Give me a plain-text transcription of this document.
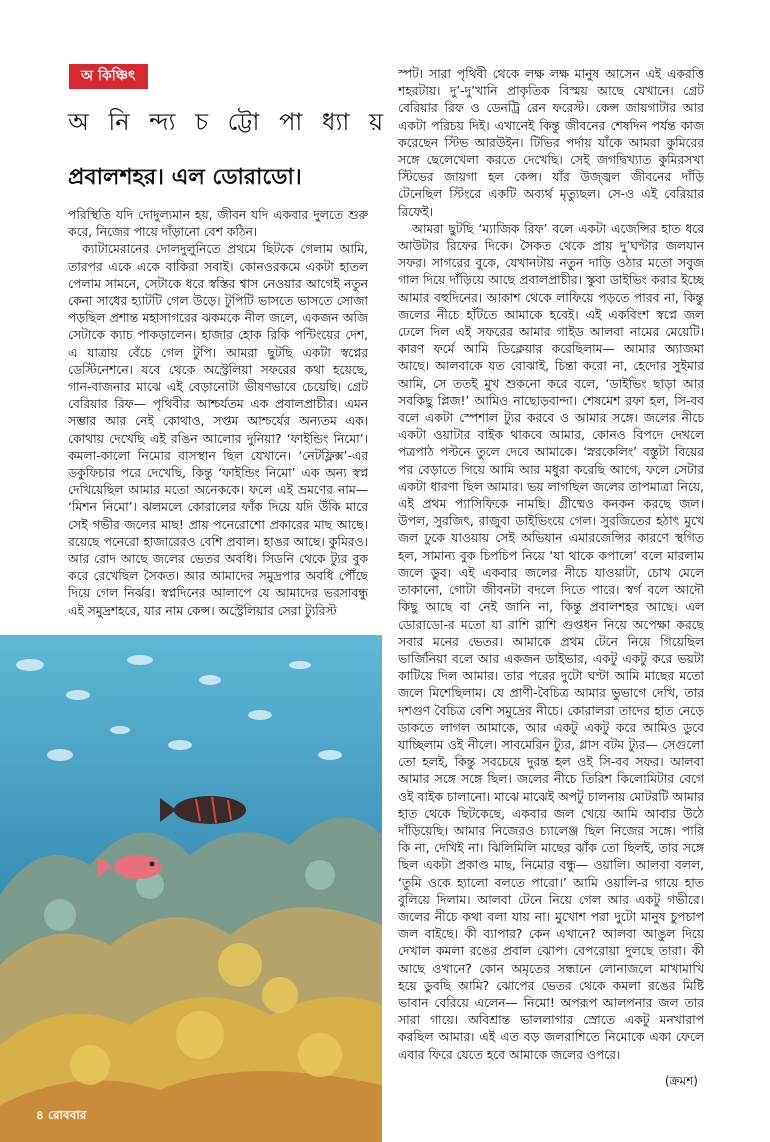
অ কিঞ্চিৎ
অ নি ন্দ্য চ ট্টো পা ধ্যা য়
প্রবালশহর। এল ডোরাডো।

পরিস্থিতি যদি দোদুল্যমান হয়, জীবন যদি একবার দুলতে শুরু করে, নিজের পায়ে দাঁড়ানো বেশ কঠিন।

ক্যাটামেরানের দোলদুলুনিতে প্রথমে ছিটকে গেলাম আমি, তারপর একে একে বাকিরা সবাই। কোনওরকমে একটা হাতল পেলাম সামনে, সেটাকে ধরে স্বস্তির শ্বাস নেওয়ার আগেই নতুন কেনা সাধের হ্যাটটি গেল উড়ে। টুপিটি ভাসতে ভাসতে সোজা পড়ছিল প্রশান্ত মহাসাগরের ঝকমকে নীল জলে, একজন অজি সেটাকে ক্যাচ পাকড়ালেন। হাজার হোক রিকি পন্টিংয়ের দেশ, এ যাত্রায় বেঁচে গেল টুপি। আমরা ছুটছি একটা স্বপ্নের ডেস্টিনেশনে। যবে থেকে অস্ট্রেলিয়া সফরের কথা হয়েছে, গান-বাজনার মাঝে এই বেড়ানোটা ভীষণভাবে চেয়েছি। গ্রেট বেরিয়ার রিফ— পৃথিবীর আশ্চর্যতম এক প্রবালপ্রাচীর। এমন সম্ভার আর নেই কোথাও, সপ্তম আশ্চর্যের অন্যতম এক। কোথায় দেখেছি এই রঙিন আলোর দুনিয়া? ‘ফাইন্ডিং নিমো’। কমলা-কালো নিমোর বাসস্থান ছিল যেখানে। ‘নেটফ্লিক্স’-এর ডকুফিচার পরে দেখেছি, কিন্তু ‘ফাইন্ডিং নিমো’ এক অন্য স্বপ্ন দেখিয়েছিল আমার মতো অনেককে। ফলে এই ভ্রমণের নাম— ‘মিশন নিমো’। ঝলমলে কোরালের ফাঁক দিয়ে যদি উঁকি মারে সেই গভীর জলের মাছ! প্রায় পনেরোশো প্রকারের মাছ আছে। রয়েছে পনেরো হাজারেরও বেশি প্রবাল। হাঙর আছে। কুমিরও। আর রোদ আছে জলের ভেতর অবধি। সিডনি থেকে ট্যুর বুক করে রেখেছিল সৈকত। আর আমাদের সমুদ্রপার অবধি পৌঁছে দিয়ে গেল নির্ঝর। স্বপ্নদিনের আলাপে যে আমাদের ভরসাবন্ধু এই সমুদ্রশহরে, যার নাম কেন্স। অস্ট্রেলিয়ার সেরা ট্যুরিস্ট

স্পট। সারা পৃথিবী থেকে লক্ষ লক্ষ মানুষ আসেন এই একরত্তি শহরটায়। দু’-দু’খানি প্রাকৃতিক বিস্ময় আছে যেখানে। গ্রেট বেরিয়ার রিফ ও ডেনট্রি রেন ফরেস্ট। কেন্স জায়গাটার আর একটা পরিচয় দিই। এখানেই কিন্তু জীবনের শেষদিন পর্যন্ত কাজ করেছেন স্টিভ আরউইন। টিভির পর্দায় যাঁকে আমরা কুমিরের সঙ্গে ছেলেখেলা করতে দেখেছি। সেই জগদ্বিখ্যাত কুমিরসখা স্টিভের জায়গা হল কেন্স। যাঁর উজ্জ্বল জীবনের দাঁড়ি টেনেছিল স্টিংরে একটি অব্যর্থ মৃত্যুছল। সে-ও এই বেরিয়ার রিফেই।

আমরা ছুটছি ‘ম্যাজিক রিফ’ বলে একটা এজেন্সির হাত ধরে আউটার রিফের দিকে। সৈকত থেকে প্রায় দু’ঘণ্টার জলযান সফর। সাগরের বুকে, যেখানটায় নতুন দাড়ি ওঠার মতো সবুজ গাল দিয়ে দাঁড়িয়ে আছে প্রবালপ্রাচীর। স্কুবা ডাইভিং করার ইচ্ছে আমার বহুদিনের। আকাশ থেকে লাফিয়ে পড়তে পারব না, কিন্তু জলের নীচে হাঁটতে আমাকে হবেই। এই একবিংশ স্বপ্নে জল ঢেলে দিল এই সফরের আমার গাইড আলবা নামের মেয়েটি। কারণ ফর্মে আমি ডিক্লেয়ার করেছিলাম— আমার অ্যাজমা আছে। আলবাকে যত বোঝাই, চিন্তা করো না, হেদোর সুইমার আমি, সে ততই মুখ শুকনো করে বলে, ‘ডাইভিং ছাড়া আর সবকিছু প্লিজ!’ আমিও নাছোড়বান্দা। শেষমেশ রফা হল, সি-বব বলে একটা স্পেশাল ট্যুর করবে ও আমার সঙ্গে। জলের নীচে একটা ওয়াটার বাইক থাকবে আমার, কোনও বিপদে দেখলে পত্রপাঠ পল্টনে তুলে দেবে আমাকে। ‘স্নরকেলিং’ বস্তুটা বিয়ের পর বেড়াতে গিয়ে আমি আর মধুরা করেছি আগে, ফলে সেটার একটা ধারণা ছিল আমার। ভয় লাগছিল জলের তাপমাত্রা নিয়ে, এই প্রথম প্যাসিফিকে নামছি। গ্রীষ্মেও কনকন করছে জল। উপল, সুরজিৎ, রাজুবা ডাইভিংয়ে গেল। সুরজিতের হঠাৎ মুখে জল ঢুকে যাওয়ায় সেই অভিযান এমারজেন্সির কারণে স্থগিত হল, সামান্য বুক চিপচিপ নিয়ে ‘যা থাকে কপালে’ বলে মারলাম জলে ডুব। এই একবার জলের নীচে যাওয়াটা, চোখ মেলে তাকানো, গোটা জীবনটা বদলে দিতে পারে। স্বর্গ বলে আদৌ কিছু আছে বা নেই জানি না, কিন্তু প্রবালশহর আছে। এল ডোরাডো-র মতো যা রাশি রাশি গুপ্তধন নিয়ে অপেক্ষা করছে সবার মনের ভেতর। আমাকে প্রথম টেনে নিয়ে গিয়েছিল ভার্জিনিয়া বলে আর একজন ডাইভার, একটু একটু করে ভয়টা কাটিয়ে দিল আমার। তার পরের দুটো ঘণ্টা আমি মাছের মতো জলে মিশেছিলাম। যে প্রাণী-বৈচিত্র আমার ভুভাগে দেখি, তার দশগুণ বৈচিত্র বেশি সমুদ্রের নীচে। কোরালরা তাদের হাত নেড়ে ডাকতে লাগল আমাকে, আর একটু একটু করে আমিও ডুবে যাচ্ছিলাম ওই নীলে। সাবমেরিন ট্যুর, গ্লাস বটম ট্যুর— সেগুলো তো হলই, কিন্তু সবচেয়ে দুরন্ত হল ওই সি-বব সফর। আলবা আমার সঙ্গে সঙ্গে ছিল। জলের নীচে তিরিশ কিলোমিটার বেগে ওই বাইক চালানো। মাঝে মাঝেই অপটু চালনায় মোটরটি আমার হাত থেকে ছিটকেছে, একবার জল খেয়ে আমি আবার উঠে দাঁড়িয়েছি। আমার নিজেরও চ্যালেঞ্জ ছিল নিজের সঙ্গে। পারি কি না, দেখিই না। ঝিলিমিলি মাছের ঝাঁক তো ছিলই, তার সঙ্গে ছিল একটা প্রকাণ্ড মাছ, নিমোর বন্ধু— ওয়ালি। আলবা বলল, ‘তুমি ওকে হ্যালো বলতে পারো।’ আমি ওয়ালি-র গায়ে হাত বুলিয়ে দিলাম। আলবা টেনে নিয়ে গেল আর একটু গভীরে। জলের নীচে কথা বলা যায় না। মুখোশ পরা দুটো মানুষ চুপচাপ জল বাইছে। কী ব্যাপার? কেন এখানে? আলবা আঙুল দিয়ে দেখাল কমলা রঙের প্রবাল ঝোপ। বেপরোয়া দুলছে তারা। কী আছে ওখানে? কোন অমৃতের সন্ধানে লোনাজলে মাখামাখি হয়ে ডুবছি আমি? ঝোপের ভেতর থেকে কমলা রঙের মিষ্টি ভাবান বেরিয়ে এলেন— নিমো! অপরূপ আলপনার জল তার সারা গায়ে। অবিশ্রান্ত ভাললাগার স্রোতে একটু মনখারাপ করছিল আমার। এই এত বড় জলরাশিতে নিমোকে একা ফেলে এবার ফিরে যেতে হবে আমাকে জলের ওপরে।

(ক্রমশ)
৪ রোববার
